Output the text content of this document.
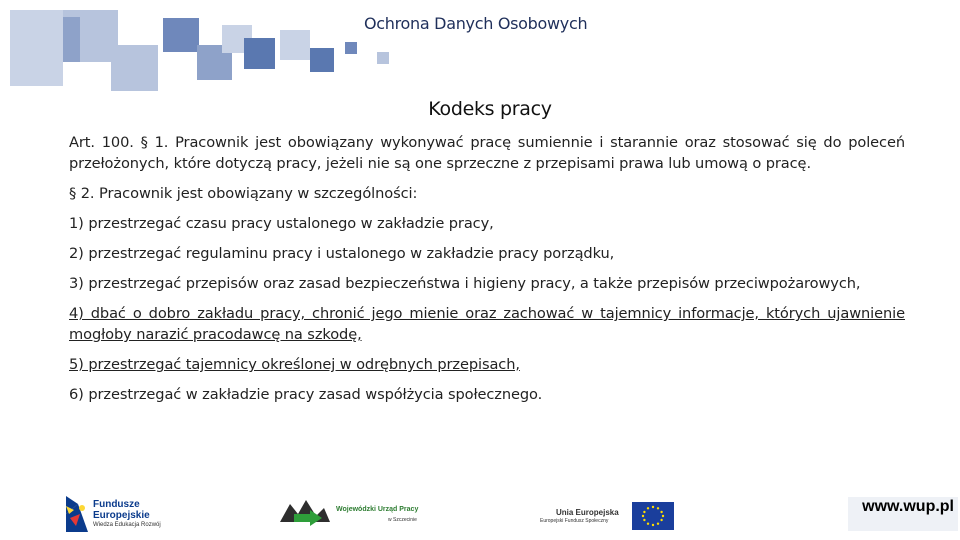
Ochrona Danych Osobowych
Kodeks pracy

Art. 100. § 1. Pracownik jest obowiązany wykonywać pracę sumiennie i starannie oraz stosować się do poleceń przełożonych, które dotyczą pracy, jeżeli nie są one sprzeczne z przepisami prawa lub umową o pracę.

§ 2. Pracownik jest obowiązany w szczególności:

1) przestrzegać czasu pracy ustalonego w zakładzie pracy,

2) przestrzegać regulaminu pracy i ustalonego w zakładzie pracy porządku,

3) przestrzegać przepisów oraz zasad bezpieczeństwa i higieny pracy, a także przepisów przeciwpożarowych,

4) dbać o dobro zakładu pracy, chronić jego mienie oraz zachować w tajemnicy informacje, których ujawnienie mogłoby narazić pracodawcę na szkodę,

5) przestrzegać tajemnicy określonej w odrębnych przepisach,

6) przestrzegać w zakładzie pracy zasad współżycia społecznego.

Fundusze
Europejskie
Wiedza Edukacja Rozwój
Wojewódzki Urząd Pracy
w Szczecinie
Unia Europejska
Europejski Fundusz Społeczny
www.wup.pl
